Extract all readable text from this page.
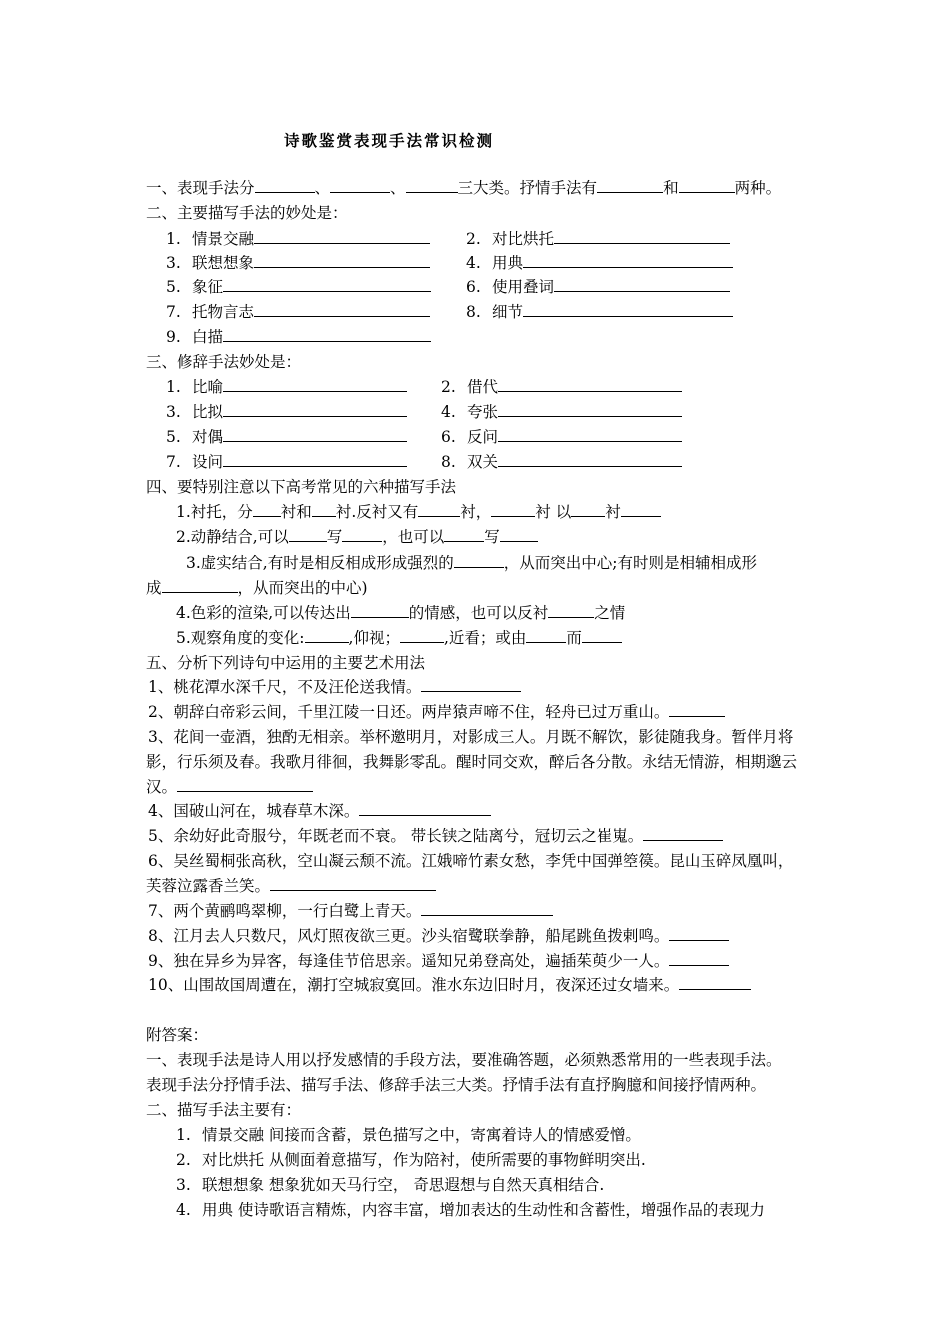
诗歌鉴赏表现手法常识检测
一、表现手法分	、	、	三大类。抒情手法有	和	两种。
二、主要描写手法的妙处是：
1. 情景交融	2. 对比烘托
3. 联想想象	4. 用典
5. 象征	6. 使用叠词
7. 托物言志	8. 细节
9. 白描
三、修辞手法妙处是：
1. 比喻	2. 借代
3. 比拟	4. 夸张
5. 对偶	6. 反问
7. 设问	8. 双关
四、要特别注意以下高考常见的六种描写手法
1.衬托，分 衬和 衬.反衬又有	衬，	衬 以 衬
2.动静结合,可以 写	，也可以	写
3.虚实结合,有时是相反相成形成强烈的	，从而突出中心;有时则是相辅相成形
成	，从而突出的中心)
4.色彩的渲染,可以传达出	的情感，也可以反衬	之情
5.观察角度的变化:	,仰视；	,近看；或由	而
五、分析下列诗句中运用的主要艺术用法
1、桃花潭水深千尺，不及汪伦送我情。
2、朝辞白帝彩云间，千里江陵一日还。两岸猿声啼不住，轻舟已过万重山。
3、花间一壶酒，独酌无相亲。举杯邀明月，对影成三人。月既不解饮，影徒随我身。暂伴月将
影，行乐须及春。我歌月徘徊，我舞影零乱。醒时同交欢，醉后各分散。永结无情游，相期邈云
汉。
4、国破山河在，城春草木深。
5、余幼好此奇服兮，年既老而不衰。 带长铗之陆离兮，冠切云之崔嵬。
6、吴丝蜀桐张高秋，空山凝云颓不流。江娥啼竹素女愁，李凭中国弹箜篌。昆山玉碎凤凰叫，
芙蓉泣露香兰笑。
7、两个黄鹂鸣翠柳，一行白鹭上青天。
8、江月去人只数尺，风灯照夜欲三更。沙头宿鹭联拳静，船尾跳鱼拨剌鸣。
9、独在异乡为异客，每逢佳节倍思亲。遥知兄弟登高处，遍插茱萸少一人。
10、山围故国周遭在，潮打空城寂寞回。淮水东边旧时月，夜深还过女墙来。
附答案：
一、表现手法是诗人用以抒发感情的手段方法，要准确答题，必须熟悉常用的一些表现手法。
表现手法分抒情手法、描写手法、修辞手法三大类。抒情手法有直抒胸臆和间接抒情两种。
二、描写手法主要有：
1. 情景交融 间接而含蓄，景色描写之中，寄寓着诗人的情感爱憎。
2. 对比烘托 从侧面着意描写，作为陪衬，使所需要的事物鲜明突出.
3. 联想想象 想象犹如天马行空， 奇思遐想与自然天真相结合.
4. 用典 使诗歌语言精炼，内容丰富，增加表达的生动性和含蓄性，增强作品的表现力
